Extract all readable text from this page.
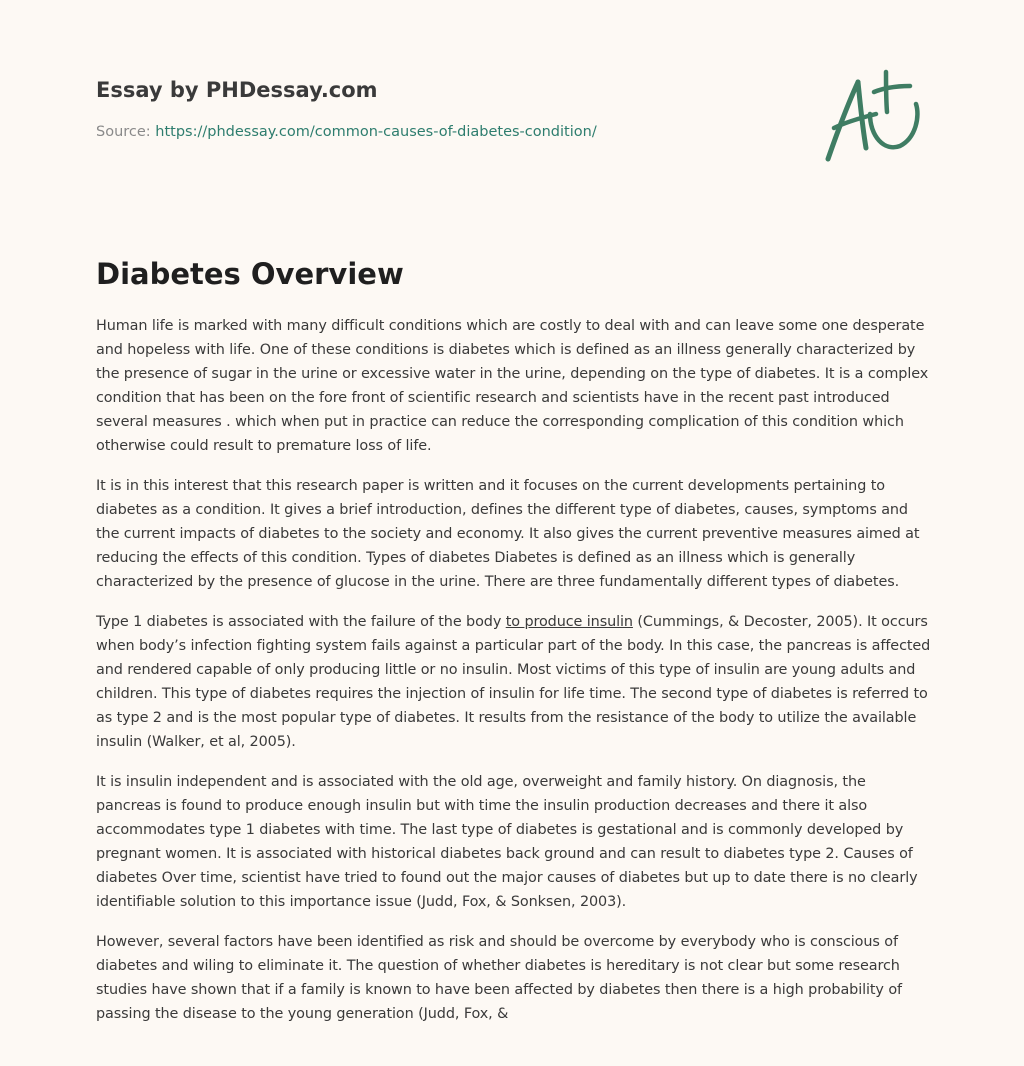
Essay by PHDessay.com
Source: https://phdessay.com/common-causes-of-diabetes-condition/
Diabetes Overview

Human life is marked with many difficult conditions which are costly to deal with and can leave some one desperate and hopeless with life. One of these conditions is diabetes which is defined as an illness generally characterized by the presence of sugar in the urine or excessive water in the urine, depending on the type of diabetes. It is a complex condition that has been on the fore front of scientific research and scientists have in the recent past introduced several measures . which when put in practice can reduce the corresponding complication of this condition which otherwise could result to premature loss of life.

It is in this interest that this research paper is written and it focuses on the current developments pertaining to diabetes as a condition. It gives a brief introduction, defines the different type of diabetes, causes, symptoms and the current impacts of diabetes to the society and economy. It also gives the current preventive measures aimed at reducing the effects of this condition. Types of diabetes Diabetes is defined as an illness which is generally characterized by the presence of glucose in the urine. There are three fundamentally different types of diabetes.

Type 1 diabetes is associated with the failure of the body to produce insulin (Cummings, & Decoster, 2005). It occurs when body’s infection fighting system fails against a particular part of the body. In this case, the pancreas is affected and rendered capable of only producing little or no insulin. Most victims of this type of insulin are young adults and children. This type of diabetes requires the injection of insulin for life time. The second type of diabetes is referred to as type 2 and is the most popular type of diabetes. It results from the resistance of the body to utilize the available insulin (Walker, et al, 2005).

It is insulin independent and is associated with the old age, overweight and family history. On diagnosis, the pancreas is found to produce enough insulin but with time the insulin production decreases and there it also accommodates type 1 diabetes with time. The last type of diabetes is gestational and is commonly developed by pregnant women. It is associated with historical diabetes back ground and can result to diabetes type 2. Causes of diabetes Over time, scientist have tried to found out the major causes of diabetes but up to date there is no clearly identifiable solution to this importance issue (Judd, Fox, & Sonksen, 2003).

However, several factors have been identified as risk and should be overcome by everybody who is conscious of diabetes and wiling to eliminate it. The question of whether diabetes is hereditary is not clear but some research studies have shown that if a family is known to have been affected by diabetes then there is a high probability of passing the disease to the young generation (Judd, Fox, &
